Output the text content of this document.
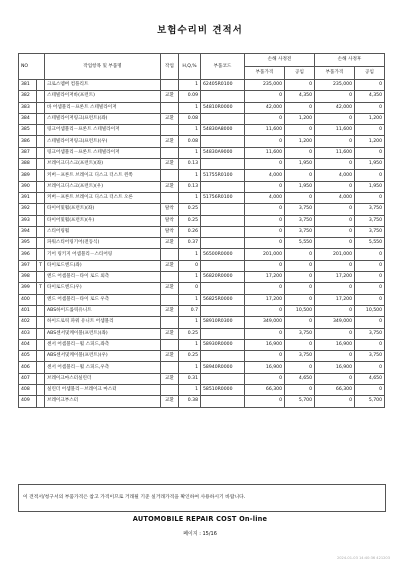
보험수리비 견적서
NO		작업항목 및 부품명	작업	H,Q,%	부품코드	손해 사정전		손해 사정후	
						부품가격	공임	부품가격	공임
381		크로스멤버 컴플리트		1	62405R0100	235,000	0	235,000	0
382		스테빌라이저바(프런트)	교환	0.09		0	4,350	0	4,350
383		바 어셈블리－프론트 스테빌라이저		1	54810R0000	42,000	0	42,000	0
384		스테빌라이저링크(프런트)(좌)	교환	0.08		0	1,200	0	1,200
385		링크어셈블리－프론트 스테빌라이저		1	54830A8000	11,600	0	11,600	0
386		스테빌라이저링크(프런트)(우)	교환	0.08		0	1,200	0	1,200
387		링크어셈블리－프론트 스테빌라이저		1	54830A9000	11,600	0	11,600	0
388		브레이크디스크(프런트)(좌)	교환	0.13		0	1,950	0	1,950
389		커버－프론트 브레이크 디스크 더스트 왼쪽		1	51755R0100	4,000	0	4,000	0
390		브레이크디스크(프런트)(우)	교환	0.13		0	1,950	0	1,950
391		커버－프론트 브레이크 디스크 더스트 오른		1	51756R0100	4,000	0	4,000	0
392		타이어및휠(프런트)(좌)	탈착	0.25		0	3,750	0	3,750
393		타이어및휠(프런트)(우)	탈착	0.25		0	3,750	0	3,750
394		스티어링휠	탈착	0.26		0	3,750	0	3,750
395		파워스티어링기어(전동식)	교환	0.37		0	5,550	0	5,550
396		기어 링키지 어셈블리－스티어링		1	56500R0000	201,000	0	201,000	0
397	T	타이로드엔드(좌)	교환	0		0	0	0	0
398		엔드 어셈블리－타이 로드 외측		1	56820R0000	17,200	0	17,200	0
399	T	타이로드엔드(우)	교환	0		0	0	0	0
400		엔드 어셈블리－타이 로드 우측		1	56825R0000	17,200	0	17,200	0
401		ABS하이드롤릭유니트	교환	0.7		0	10,500	0	10,500
402		하이드로릭 파워 유니트 어셈블리		1	58910R0300	349,000	0	349,000	0
403		ABS센서및케이블(프런트)(좌)	교환	0.25		0	3,750	0	3,750
404		센서 어셈블리－휠 스피드,좌측		1	58930R0000	16,900	0	16,900	0
405		ABS센서및케이블(프런트)(우)	교환	0.25		0	3,750	0	3,750
406		센서 어셈블리－휠 스피드,우측		1	58940R0000	16,900	0	16,900	0
407		브레이크마스터실린더	교환	0.31		0	4,650	0	4,650
408		실린더 어셈블리－브레이크 마스터		1	58510R0000	66,300	0	66,300	0
409		브레이크부스터	교환	0.38		0	5,700	0	5,700
이 견적서/청구서의 부품가격은 참고 가격이므로 거래될 기준 실거래가격을 확인하여 사용하시기 바랍니다.
AUTOMOBILE REPAIR COST On-line
페이지 : 15/16
2024-01-03 14:40:36 421203
